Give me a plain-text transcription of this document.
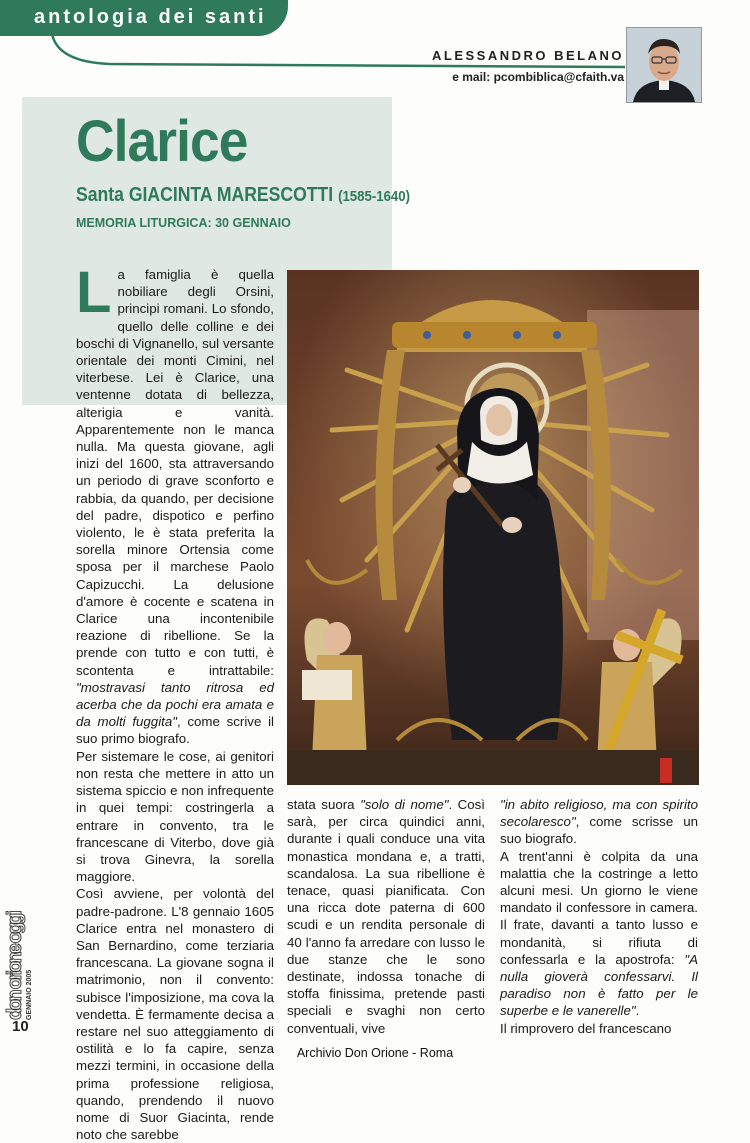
antologia dei santi
ALESSANDRO BELANO
e mail: pcombiblica@cfaith.va
Clarice
Santa GIACINTA MARESCOTTI (1585-1640)
MEMORIA LITURGICA: 30 GENNAIO

La famiglia è quella nobiliare degli Orsini, principi romani. Lo sfondo, quello delle colline e dei boschi di Vignanello, sul versante orientale dei monti Cimini, nel viterbese. Lei è Clarice, una ventenne dotata di bellezza, alterigia e vanità. Apparentemente non le manca nulla. Ma questa giovane, agli inizi del 1600, sta attraversando un periodo di grave sconforto e rabbia, da quando, per decisione del padre, dispotico e perfino violento, le è stata preferita la sorella minore Ortensia come sposa per il marchese Paolo Capizucchi. La delusione d'amore è cocente e scatena in Clarice una incontenibile reazione di ribellione. Se la prende con tutto e con tutti, è scontenta e intrattabile: "mostravasi tanto ritrosa ed acerba che da pochi era amata e da molti fuggita", come scrive il suo primo biografo.

Per sistemare le cose, ai genitori non resta che mettere in atto un sistema spiccio e non infrequente in quei tempi: costringerla a entrare in convento, tra le francescane di Viterbo, dove già si trova Ginevra, la sorella maggiore.

Così avviene, per volontà del padre-padrone. L'8 gennaio 1605 Clarice entra nel monastero di San Bernardino, come terziaria francescana. La giovane sogna il matrimonio, non il convento: subisce l'imposizione, ma cova la vendetta. È fermamente decisa a restare nel suo atteggiamento di ostilità e lo fa capire, senza mezzi termini, in occasione della prima professione religiosa, quando, prendendo il nuovo nome di Suor Giacinta, rende noto che sarebbe

stata suora "solo di nome". Così sarà, per circa quindici anni, durante i quali conduce una vita monastica mondana e, a tratti, scandalosa. La sua ribellione è tenace, quasi pianificata. Con una ricca dote paterna di 600 scudi e un rendita personale di 40 l'anno fa arredare con lusso le due stanze che le sono destinate, indossa tonache di stoffa finissima, pretende pasti speciali e svaghi non certo conventuali, vive

"in abito religioso, ma con spirito secolaresco", come scrisse un suo biografo.

A trent'anni è colpita da una malattia che la costringe a letto alcuni mesi. Un giorno le viene mandato il confessore in camera. Il frate, davanti a tanto lusso e mondanità, si rifiuta di confessarla e la apostrofa: "A nulla gioverà confessarvi. Il paradiso non è fatto per le superbe e le vanerelle".

Il rimprovero del francescano

don orione oggi
GENNAIO 2005
10
Archivio Don Orione - Roma
